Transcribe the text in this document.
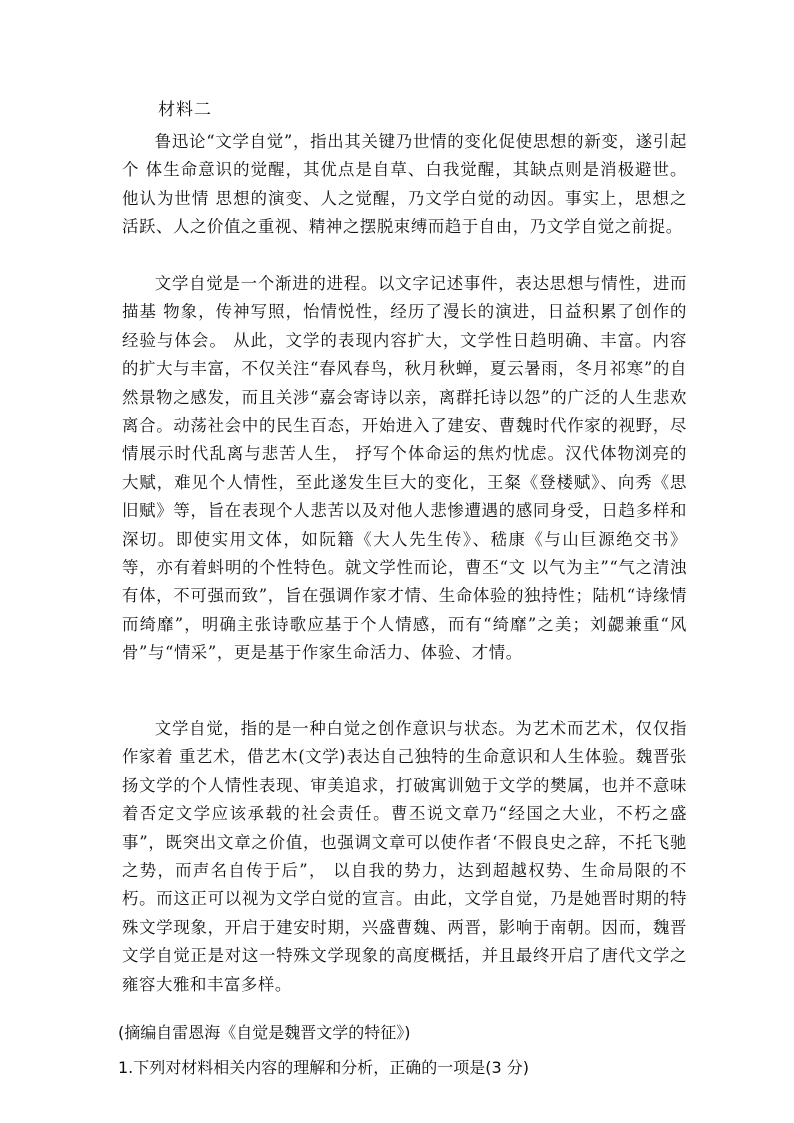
材料二

鲁迅论“文学自觉”，指出其关键乃世情的变化促使思想的新变，遂引起个 体生命意识的觉醒，其优点是自草、白我觉醒，其缺点则是消极避世。他认为世情 思想的演变、人之觉醒，乃文学白觉的动因。事实上，思想之活跃、人之价值之重视、精神之摆脱束缚而趋于自由，乃文学自觉之前捉。

文学自觉是一个渐进的进程。以文字记述事件，表达思想与情性，进而描基 物象，传神写照，怡情悦性，经历了漫长的演进，日益积累了创作的经验与体会。 从此，文学的表现内容扩大，文学性日趋明确、丰富。内容的扩大与丰富，不仅关注“春风春鸟，秋月秋蝉，夏云暑雨，冬月祁寒”的自然景物之感发，而且关涉“嘉会寄诗以亲，离群托诗以怨”的广泛的人生悲欢离合。动荡社会中的民生百态，开始进入了建安、曹魏时代作家的视野，尽情展示时代乱离与悲苦人生， 抒写个体命运的焦灼忧虑。汉代体物浏亮的大赋，难见个人情性，至此遂发生巨大的变化，王粲《登楼赋》、向秀《思旧赋》等，旨在表现个人悲苦以及对他人悲惨遭遇的感同身受，日趋多样和深切。即使实用文体，如阮籍《大人先生传》、嵇康《与山巨源绝交书》等，亦有着蚪明的个性特色。就文学性而论，曹丕“文 以气为主”“气之清浊有体，不可强而致”，旨在强调作家才情、生命体验的独持性；陆机“诗缘情而绮靡”，明确主张诗歌应基于个人情感，而有“绮靡”之美；刘勰兼重“风骨”与“情采”，更是基于作家生命活力、体验、才情。

文学自觉，指的是一种白觉之创作意识与状态。为艺术而艺术，仅仅指作家着 重艺术，借艺木(文学)表达自己独特的生命意识和人生体验。魏晋张扬文学的个人情性表现、审美追求，打破寓训勉于文学的樊属，也并不意味着否定文学应该承载的社会责任。曹丕说文章乃“经国之大业，不朽之盛事”，既突出文章之价值，也强调文章可以使作者‘不假良史之辞，不托飞驰之势，而声名自传于后”， 以自我的势力，达到超越权势、生命局限的不朽。而这正可以视为文学白觉的宣言。由此，文学自觉，乃是她晋时期的特殊文学现象，开启于建安时期，兴盛曹魏、两晋，影响于南朝。因而，魏晋文学自觉正是对这一特殊文学现象的高度概括，并且最终开启了唐代文学之雍容大雅和丰富多样。

(摘编自雷恩海《自觉是魏晋文学的特征》)
1.下列对材料相关内容的理解和分析，正确的一项是(3 分)
